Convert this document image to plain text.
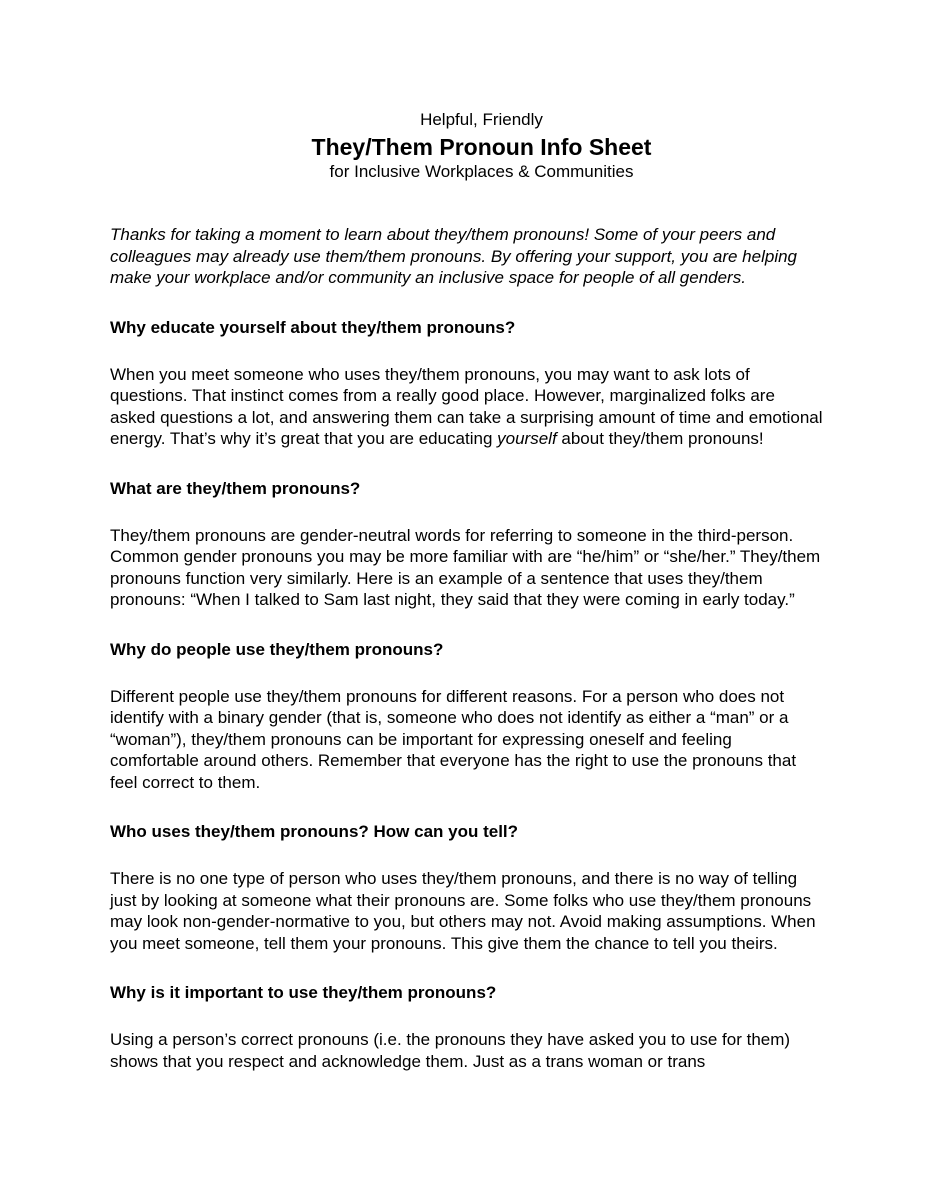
Helpful, Friendly

They/Them Pronoun Info Sheet

for Inclusive Workplaces & Communities

Thanks for taking a moment to learn about they/them pronouns! Some of your peers and colleagues may already use them/them pronouns. By offering your support, you are helping make your workplace and/or community an inclusive space for people of all genders.

Why educate yourself about they/them pronouns?

When you meet someone who uses they/them pronouns, you may want to ask lots of questions. That instinct comes from a really good place. However, marginalized folks are asked questions a lot, and answering them can take a surprising amount of time and emotional energy. That’s why it’s great that you are educating yourself about they/them pronouns!

What are they/them pronouns?

They/them pronouns are gender-neutral words for referring to someone in the third-person. Common gender pronouns you may be more familiar with are “he/him” or “she/her.” They/them pronouns function very similarly. Here is an example of a sentence that uses they/them pronouns: “When I talked to Sam last night, they said that they were coming in early today.”

Why do people use they/them pronouns?

Different people use they/them pronouns for different reasons. For a person who does not identify with a binary gender (that is, someone who does not identify as either a “man” or a “woman”), they/them pronouns can be important for expressing oneself and feeling comfortable around others. Remember that everyone has the right to use the pronouns that feel correct to them.

Who uses they/them pronouns? How can you tell?

There is no one type of person who uses they/them pronouns, and there is no way of telling just by looking at someone what their pronouns are. Some folks who use they/them pronouns may look non-gender-normative to you, but others may not. Avoid making assumptions. When you meet someone, tell them your pronouns. This give them the chance to tell you theirs.

Why is it important to use they/them pronouns?

Using a person’s correct pronouns (i.e. the pronouns they have asked you to use for them) shows that you respect and acknowledge them. Just as a trans woman or trans
